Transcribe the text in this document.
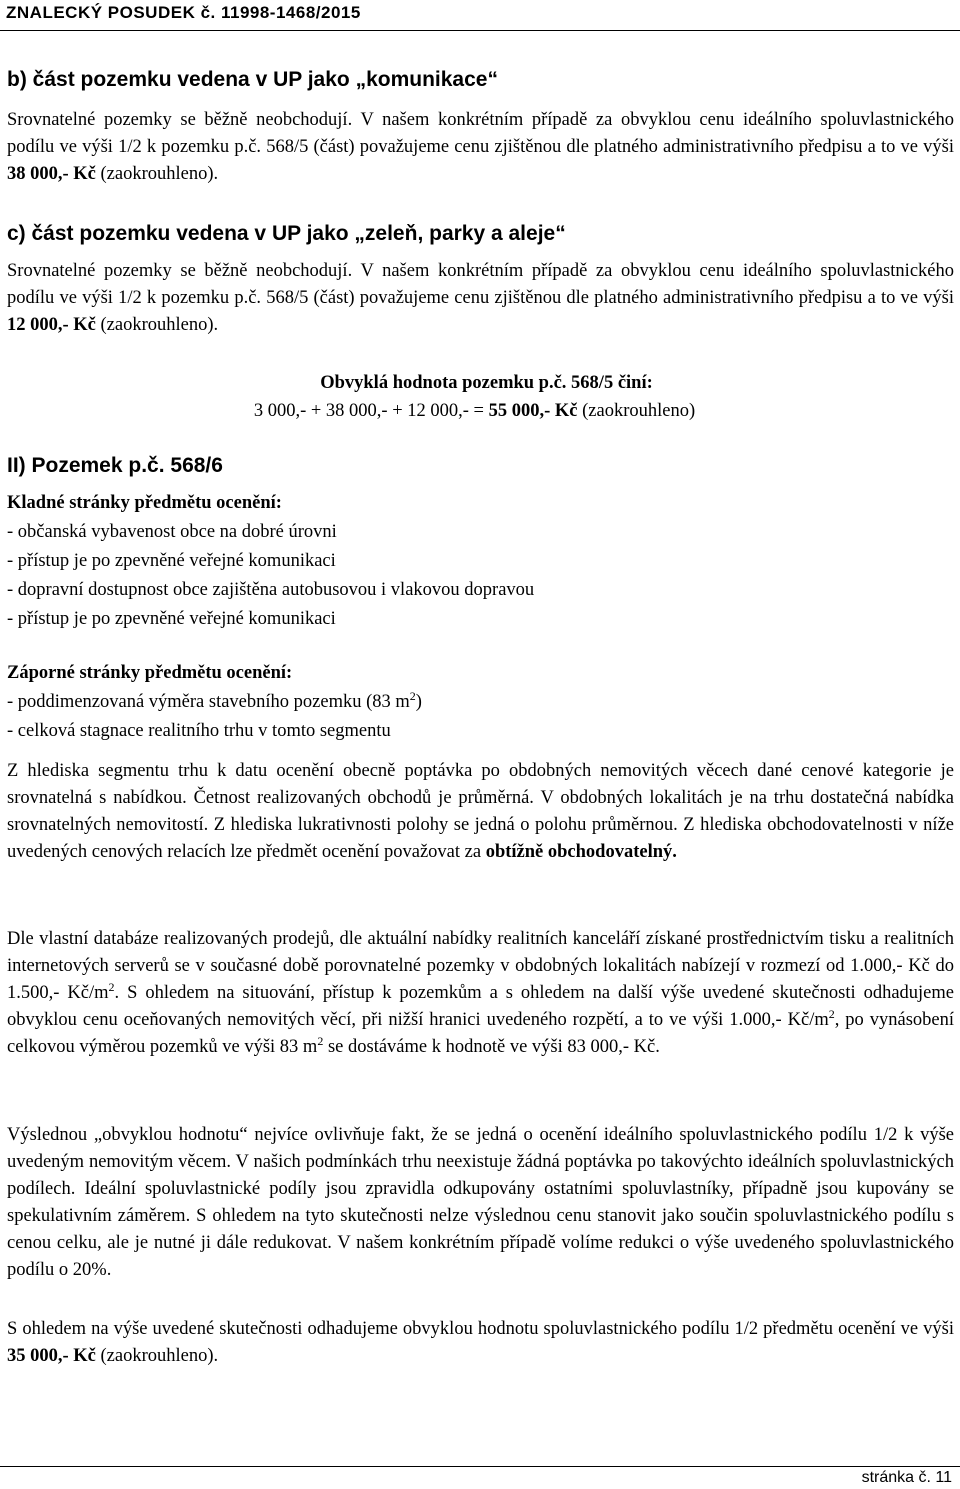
ZNALECKÝ POSUDEK č. 11998-1468/2015
b) část pozemku vedena v UP jako „komunikace“

Srovnatelné pozemky se běžně neobchodují. V našem konkrétním případě za obvyklou cenu ideálního spoluvlastnického podílu ve výši 1/2 k pozemku p.č. 568/5 (část) považujeme cenu zjištěnou dle platného administrativního předpisu a to ve výši 38 000,- Kč (zaokrouhleno).

c) část pozemku vedena v UP jako „zeleň, parky a aleje“

Srovnatelné pozemky se běžně neobchodují. V našem konkrétním případě za obvyklou cenu ideálního spoluvlastnického podílu ve výši 1/2 k pozemku p.č. 568/5 (část) považujeme cenu zjištěnou dle platného administrativního předpisu a to ve výši 12 000,- Kč (zaokrouhleno).

Obvyklá hodnota pozemku p.č. 568/5 činí:
3 000,- + 38 000,- + 12 000,- = 55 000,- Kč (zaokrouhleno)
II) Pozemek p.č. 568/6
Kladné stránky předmětu ocenění:
- občanská vybavenost obce na dobré úrovni
- přístup je po zpevněné veřejné komunikaci
- dopravní dostupnost obce zajištěna autobusovou i vlakovou dopravou
- přístup je po zpevněné veřejné komunikaci
Záporné stránky předmětu ocenění:
- poddimenzovaná výměra stavebního pozemku (83 $m^2$)
- celková stagnace realitního trhu v tomto segmentu

Z hlediska segmentu trhu k datu ocenění obecně poptávka po obdobných nemovitých věcech dané cenové kategorie je srovnatelná s nabídkou. Četnost realizovaných obchodů je průměrná. V obdobných lokalitách je na trhu dostatečná nabídka srovnatelných nemovitostí. Z hlediska lukrativnosti polohy se jedná o polohu průměrnou. Z hlediska obchodovatelnosti v níže uvedených cenových relacích lze předmět ocenění považovat za obtížně obchodovatelný.

Dle vlastní databáze realizovaných prodejů, dle aktuální nabídky realitních kanceláří získané prostřednictvím tisku a realitních internetových serverů se v současné době porovnatelné pozemky v obdobných lokalitách nabízejí v rozmezí od 1.000,- Kč do 1.500,- $Kč/m^2$. S ohledem na situování, přístup k pozemkům a s ohledem na další výše uvedené skutečnosti odhadujeme obvyklou cenu oceňovaných nemovitých věcí, při nižší hranici uvedeného rozpětí, a to ve výši 1.000,- $Kč/m^2$, po vynásobení celkovou výměrou pozemků ve výši 83 $m^2$ se dostáváme k hodnotě ve výši 83 000,- Kč.

Výslednou „obvyklou hodnotu“ nejvíce ovlivňuje fakt, že se jedná o ocenění ideálního spoluvlastnického podílu 1/2 k výše uvedeným nemovitým věcem. V našich podmínkách trhu neexistuje žádná poptávka po takovýchto ideálních spoluvlastnických podílech. Ideální spoluvlastnické podíly jsou zpravidla odkupovány ostatními spoluvlastníky, případně jsou kupovány se spekulativním záměrem. S ohledem na tyto skutečnosti nelze výslednou cenu stanovit jako součin spoluvlastnického podílu s cenou celku, ale je nutné ji dále redukovat. V našem konkrétním případě volíme redukci o výše uvedeného spoluvlastnického podílu o 20%.

S ohledem na výše uvedené skutečnosti odhadujeme obvyklou hodnotu spoluvlastnického podílu 1/2 předmětu ocenění ve výši 35 000,- Kč (zaokrouhleno).

stránka č. 11
